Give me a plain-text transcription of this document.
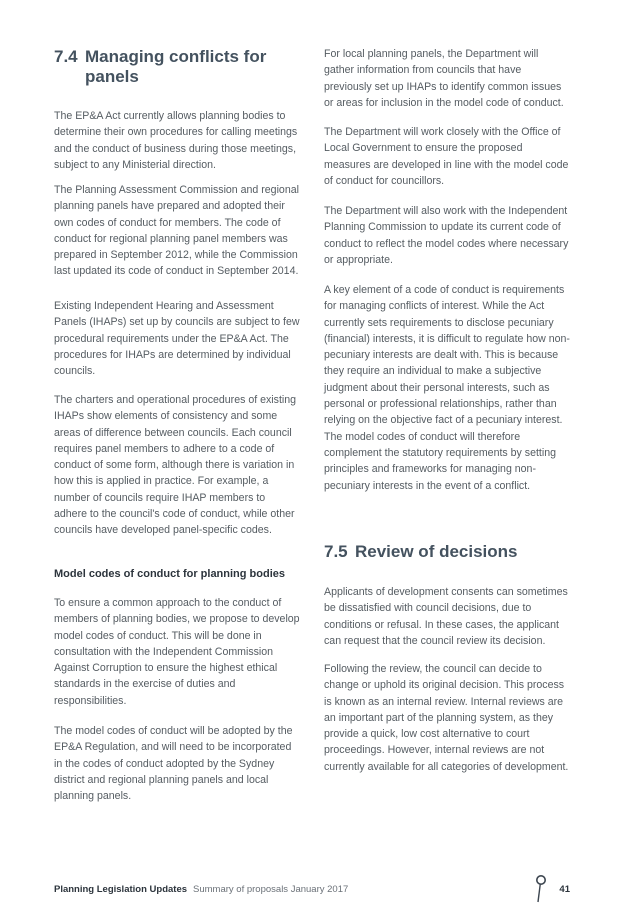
7.4 Managing conflicts for panels

The EP&A Act currently allows planning bodies to determine their own procedures for calling meetings and the conduct of business during those meetings, subject to any Ministerial direction.

The Planning Assessment Commission and regional planning panels have prepared and adopted their own codes of conduct for members. The code of conduct for regional planning panel members was prepared in September 2012, while the Commission last updated its code of conduct in September 2014.

Existing Independent Hearing and Assessment Panels (IHAPs) set up by councils are subject to few procedural requirements under the EP&A Act. The procedures for IHAPs are determined by individual councils.

The charters and operational procedures of existing IHAPs show elements of consistency and some areas of difference between councils. Each council requires panel members to adhere to a code of conduct of some form, although there is variation in how this is applied in practice. For example, a number of councils require IHAP members to adhere to the council's code of conduct, while other councils have developed panel-specific codes.

Model codes of conduct for planning bodies

To ensure a common approach to the conduct of members of planning bodies, we propose to develop model codes of conduct. This will be done in consultation with the Independent Commission Against Corruption to ensure the highest ethical standards in the exercise of duties and responsibilities.

The model codes of conduct will be adopted by the EP&A Regulation, and will need to be incorporated in the codes of conduct adopted by the Sydney district and regional planning panels and local planning panels.

For local planning panels, the Department will gather information from councils that have previously set up IHAPs to identify common issues or areas for inclusion in the model code of conduct.

The Department will work closely with the Office of Local Government to ensure the proposed measures are developed in line with the model code of conduct for councillors.

The Department will also work with the Independent Planning Commission to update its current code of conduct to reflect the model codes where necessary or appropriate.

A key element of a code of conduct is requirements for managing conflicts of interest. While the Act currently sets requirements to disclose pecuniary (financial) interests, it is difficult to regulate how non-pecuniary interests are dealt with. This is because they require an individual to make a subjective judgment about their personal interests, such as personal or professional relationships, rather than relying on the objective fact of a pecuniary interest. The model codes of conduct will therefore complement the statutory requirements by setting principles and frameworks for managing non-pecuniary interests in the event of a conflict.

7.5 Review of decisions

Applicants of development consents can sometimes be dissatisfied with council decisions, due to conditions or refusal. In these cases, the applicant can request that the council review its decision.

Following the review, the council can decide to change or uphold its original decision. This process is known as an internal review. Internal reviews are an important part of the planning system, as they provide a quick, low cost alternative to court proceedings. However, internal reviews are not currently available for all categories of development.

Planning Legislation Updates Summary of proposals January 2017	41
